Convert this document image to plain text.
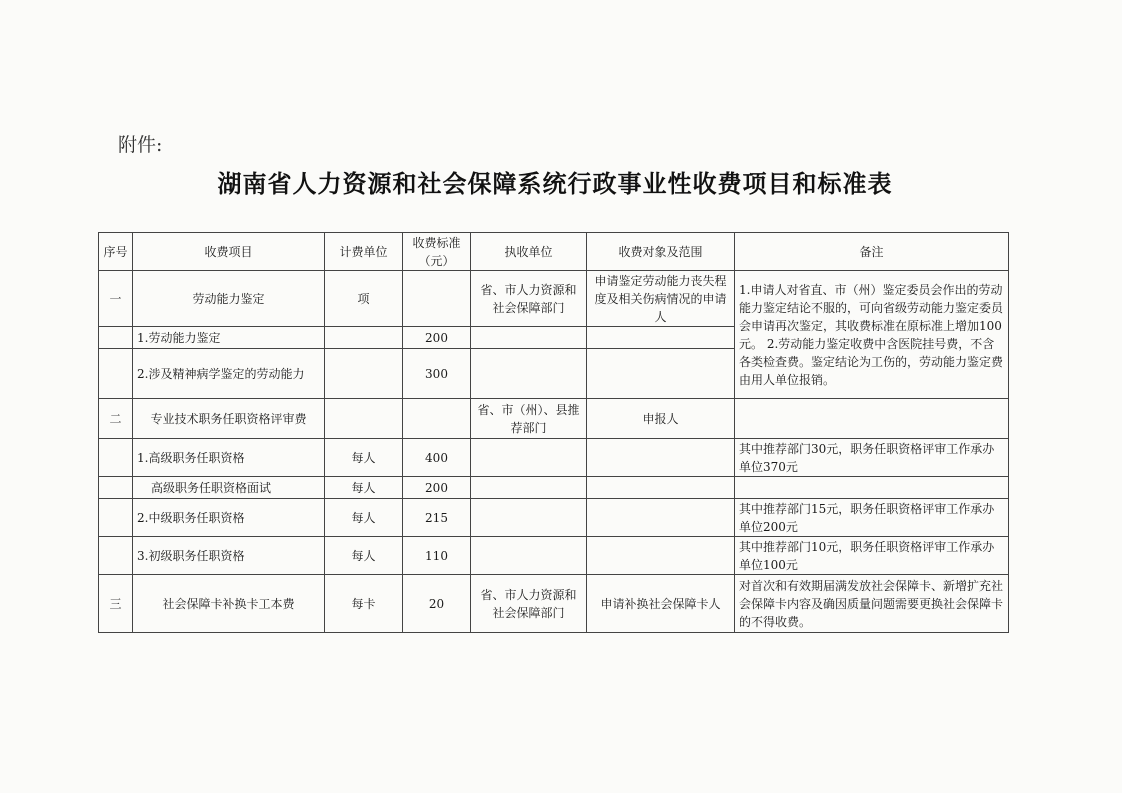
附件:
湖南省人力资源和社会保障系统行政事业性收费项目和标准表
序号	收费项目	计费单位	收费标准（元）	执收单位	收费对象及范围	备注
一	劳动能力鉴定	项		省、市人力资源和社会保障部门	申请鉴定劳动能力丧失程度及相关伤病情况的申请人	1.申请人对省直、市（州）鉴定委员会作出的劳动能力鉴定结论不服的，可向省级劳动能力鉴定委员会申请再次鉴定，其收费标准在原标准上增加100元。 2.劳动能力鉴定收费中含医院挂号费，不含各类检查费。鉴定结论为工伤的，劳动能力鉴定费由用人单位报销。
	1.劳动能力鉴定		200			
	2.涉及精神病学鉴定的劳动能力		300			
二	专业技术职务任职资格评审费			省、市（州）、县推荐部门	申报人	
	1.高级职务任职资格	每人	400			其中推荐部门30元，职务任职资格评审工作承办单位370元
	高级职务任职资格面试	每人	200			
	2.中级职务任职资格	每人	215			其中推荐部门15元，职务任职资格评审工作承办单位200元
	3.初级职务任职资格	每人	110			其中推荐部门10元，职务任职资格评审工作承办单位100元
三	社会保障卡补换卡工本费	每卡	20	省、市人力资源和社会保障部门	申请补换社会保障卡人	对首次和有效期届满发放社会保障卡、新增扩充社会保障卡内容及确因质量问题需要更换社会保障卡的不得收费。
